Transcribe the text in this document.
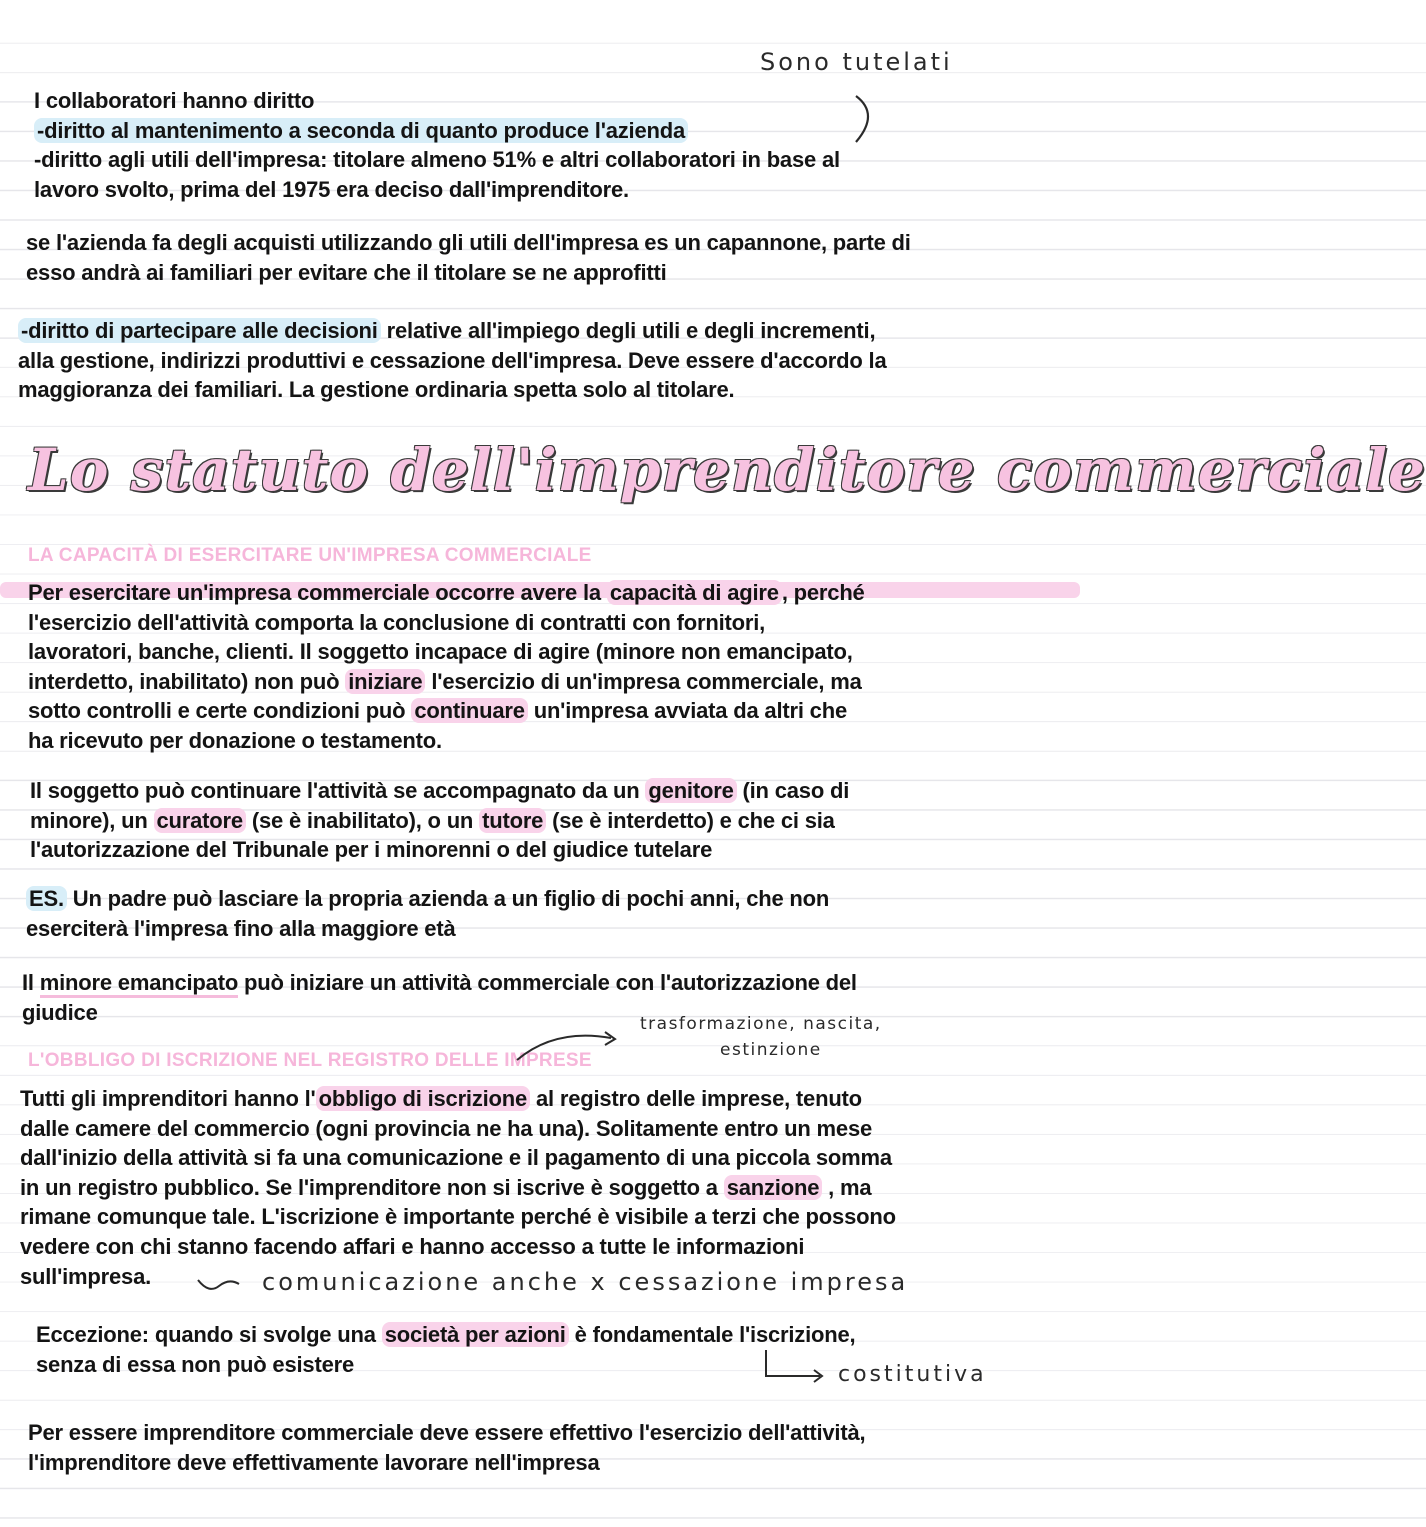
Sono tutelati
I collaboratori hanno diritto
-diritto al mantenimento a seconda di quanto produce l'azienda
-diritto agli utili dell'impresa: titolare almeno 51% e altri collaboratori in base al
lavoro svolto, prima del 1975 era deciso dall'imprenditore.
se l'azienda fa degli acquisti utilizzando gli utili dell'impresa es un capannone, parte di
esso andrà ai familiari per evitare che il titolare se ne approfitti
-diritto di partecipare alle decisioni relative all'impiego degli utili e degli incrementi,
alla gestione, indirizzi produttivi e cessazione dell'impresa. Deve essere d'accordo la
maggioranza dei familiari. La gestione ordinaria spetta solo al titolare.
Lo statuto dell'imprenditore commerciale
LA CAPACITÀ DI ESERCITARE UN'IMPRESA COMMERCIALE
Per esercitare un'impresa commerciale occorre avere la capacità di agire , perché
l'esercizio dell'attività comporta la conclusione di contratti con fornitori,
lavoratori, banche, clienti. Il soggetto incapace di agire (minore non emancipato,
interdetto, inabilitato) non può iniziare l'esercizio di un'impresa commerciale, ma
sotto controlli e certe condizioni può continuare un'impresa avviata da altri che
ha ricevuto per donazione o testamento.
Il soggetto può continuare l'attività se accompagnato da un genitore (in caso di
minore), un curatore (se è inabilitato), o un tutore (se è interdetto) e che ci sia
l'autorizzazione del Tribunale per i minorenni o del giudice tutelare
ES. Un padre può lasciare la propria azienda a un figlio di pochi anni, che non
eserciterà l'impresa fino alla maggiore età
Il minore emancipato può iniziare un attività commerciale con l'autorizzazione del
giudice
L'OBBLIGO DI ISCRIZIONE NEL REGISTRO DELLE IMPRESE
trasformazione, nascita,
estinzione
Tutti gli imprenditori hanno l' obbligo di iscrizione al registro delle imprese, tenuto
dalle camere del commercio (ogni provincia ne ha una). Solitamente entro un mese
dall'inizio della attività si fa una comunicazione e il pagamento di una piccola somma
in un registro pubblico. Se l'imprenditore non si iscrive è soggetto a sanzione , ma
rimane comunque tale. L'iscrizione è importante perché è visibile a terzi che possono
vedere con chi stanno facendo affari e hanno accesso a tutte le informazioni
sull'impresa.	comunicazione anche x cessazione impresa
Eccezione: quando si svolge una società per azioni è fondamentale l'iscrizione,
senza di essa non può esistere	costitutiva
Per essere imprenditore commerciale deve essere effettivo l'esercizio dell'attività,
l'imprenditore deve effettivamente lavorare nell'impresa
